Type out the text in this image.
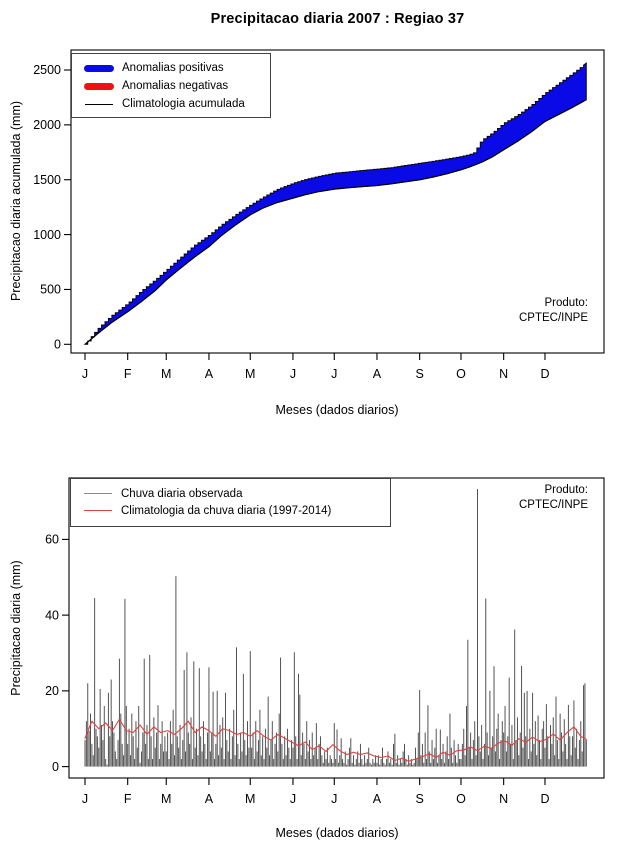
0
500
1000
1500
2000
2500
J	F M	A	M	J	J	A	S	O	N	D
0
20
40
60
J	F M	A	M	J	J	A	S	O	N	D
Precipitacao diaria 2007 : Regiao 37
Precipitacao diaria acumulada (mm)
Meses (dados diarios)
Anomalias positivas
Anomalias negativas
Climatologia acumulada
Produto:
CPTEC/INPE
Precipitacao diaria (mm)
Meses (dados diarios)
Chuva diaria observada
Climatologia da chuva diaria (1997-2014)
Produto:
CPTEC/INPE
